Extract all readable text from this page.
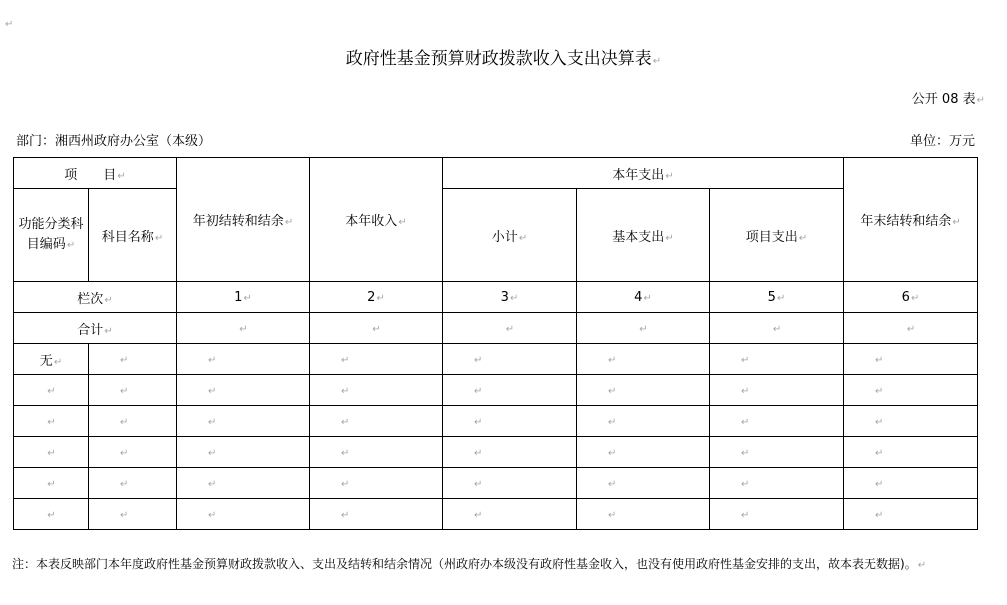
↵
政府性基金预算财政拨款收入支出决算表↵
公开 08 表↵
部门：湘西州政府办公室（本级）	单位：万元
项　　目↵		年初结转和结余↵	本年收入↵	本年支出↵			年末结转和结余↵
功能分类科目编码↵	科目名称↵			小计↵	基本支出↵	项目支出↵	
栏次↵		1↵	2↵	3↵	4↵	5↵	6↵
合计↵		↵	↵	↵	↵	↵	↵
无↵	↵	↵	↵	↵	↵	↵	↵
↵	↵	↵	↵	↵	↵	↵	↵
↵	↵	↵	↵	↵	↵	↵	↵
↵	↵	↵	↵	↵	↵	↵	↵
↵	↵	↵	↵	↵	↵	↵	↵
↵	↵	↵	↵	↵	↵	↵	↵
注：本表反映部门本年度政府性基金预算财政拨款收入、支出及结转和结余情况（州政府办本级没有政府性基金收入，也没有使用政府性基金安排的支出，故本表无数据)。↵
